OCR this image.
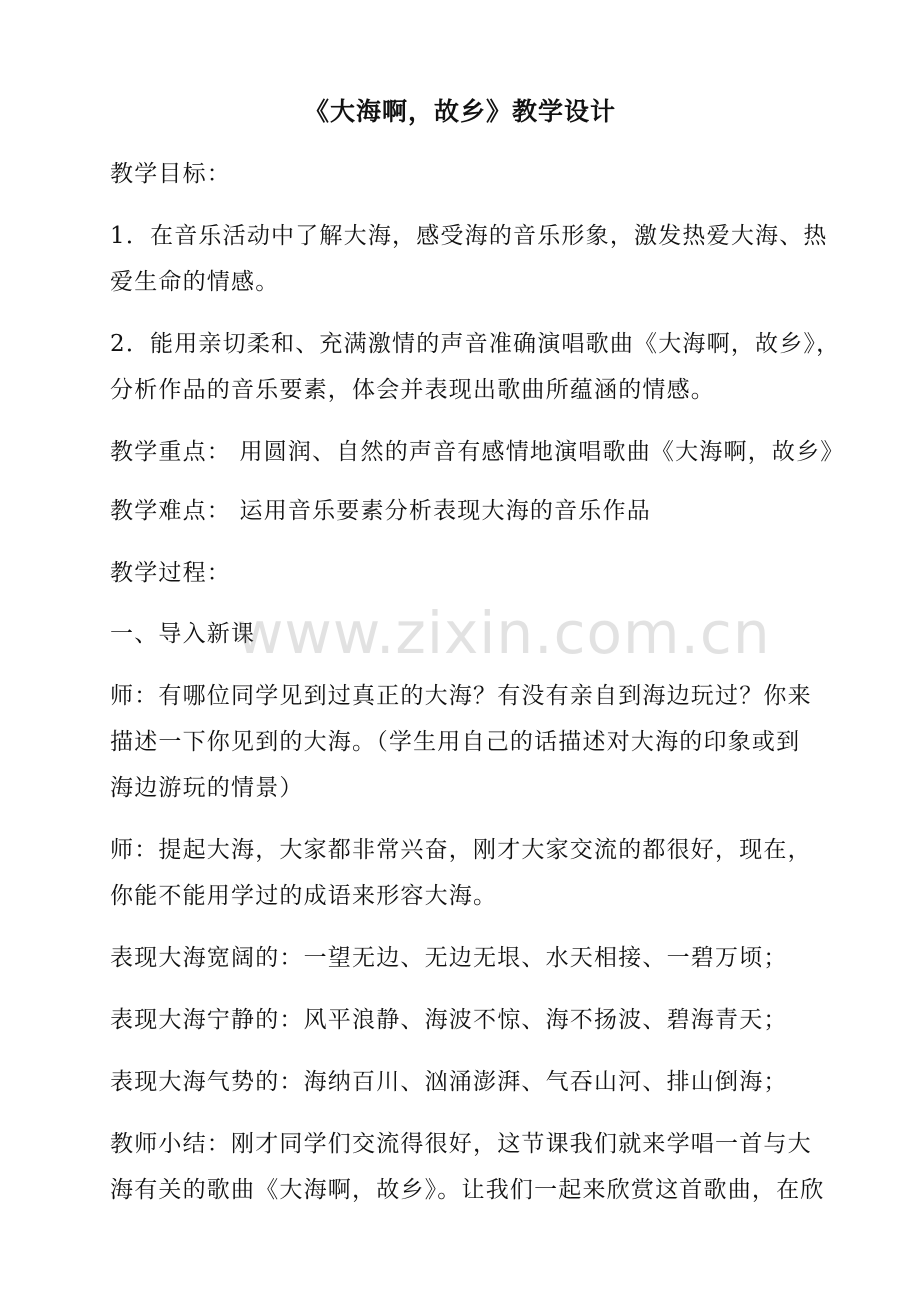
《大海啊，故乡》教学设计
教学目标：
1．在音乐活动中了解大海，感受海的音乐形象，激发热爱大海、热
爱生命的情感。
2．能用亲切柔和、充满激情的声音准确演唱歌曲《大海啊，故乡》，
分析作品的音乐要素，体会并表现出歌曲所蕴涵的情感。
教学重点： 用圆润、自然的声音有感情地演唱歌曲《大海啊，故乡》
教学难点： 运用音乐要素分析表现大海的音乐作品
教学过程：
一、导入新课
师：有哪位同学见到过真正的大海？有没有亲自到海边玩过？你来
描述一下你见到的大海。（学生用自己的话描述对大海的印象或到
海边游玩的情景）
师：提起大海，大家都非常兴奋，刚才大家交流的都很好，现在，
你能不能用学过的成语来形容大海。
表现大海宽阔的：一望无边、无边无垠、水天相接、一碧万顷；
表现大海宁静的：风平浪静、海波不惊、海不扬波、碧海青天；
表现大海气势的：海纳百川、汹涌澎湃、气吞山河、排山倒海；
教师小结：刚才同学们交流得很好，这节课我们就来学唱一首与大
海有关的歌曲《大海啊，故乡》。让我们一起来欣赏这首歌曲，在欣
www.zixin.com.cn
